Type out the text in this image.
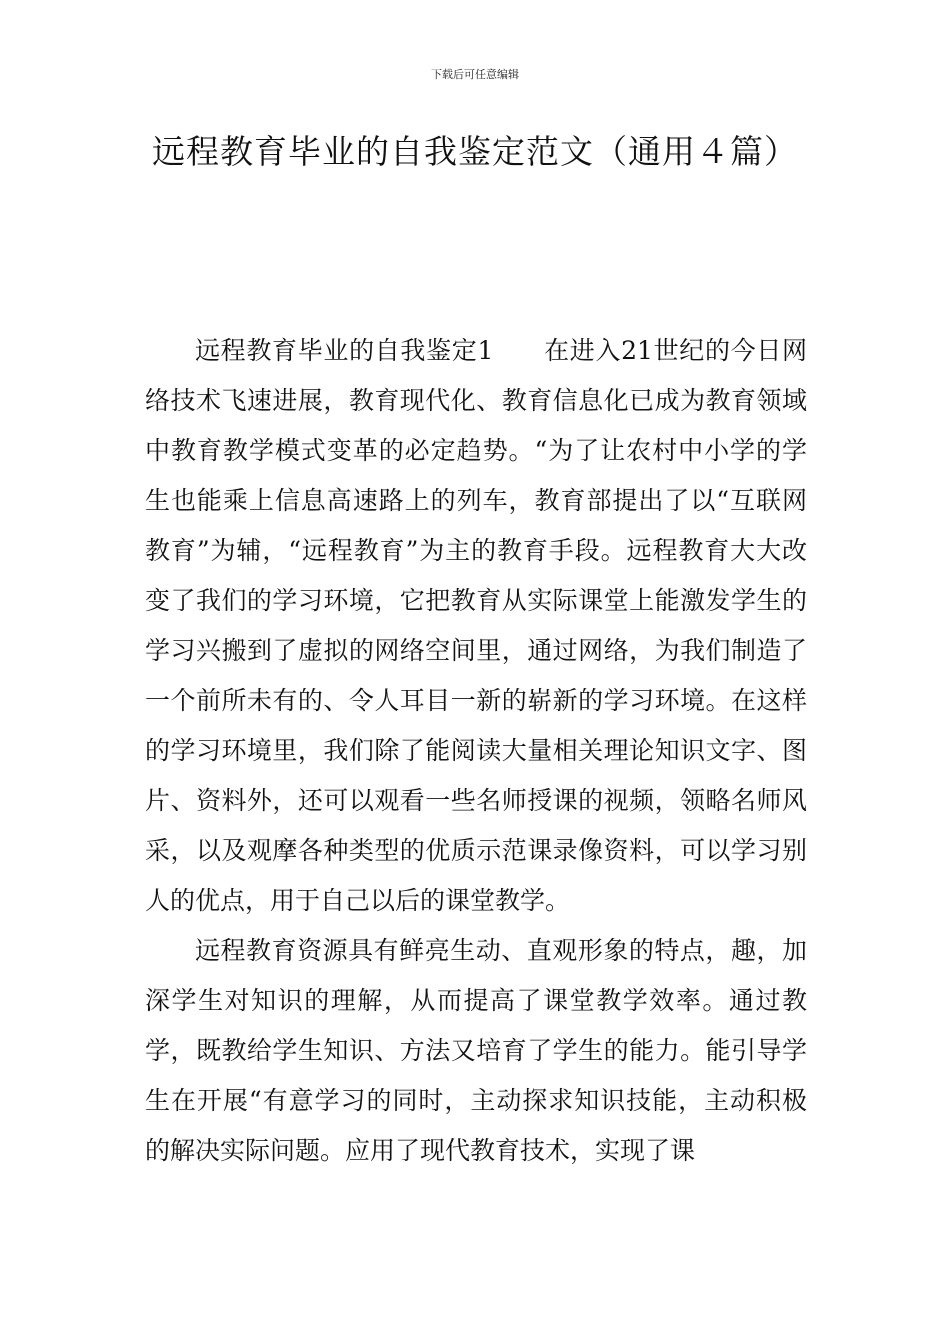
下载后可任意编辑
远程教育毕业的自我鉴定范文（通用４篇）

远程教育毕业的自我鉴定1 在进入21世纪的今日网络技术飞速进展，教育现代化、教育信息化已成为教育领域中教育教学模式变革的必定趋势。“为了让农村中小学的学生也能乘上信息高速路上的列车，教育部提出了以“互联网教育”为辅，“远程教育”为主的教育手段。远程教育大大改变了我们的学习环境，它把教育从实际课堂上能激发学生的学习兴搬到了虚拟的网络空间里，通过网络，为我们制造了一个前所未有的、令人耳目一新的崭新的学习环境。在这样的学习环境里，我们除了能阅读大量相关理论知识文字、图片、资料外，还可以观看一些名师授课的视频，领略名师风采，以及观摩各种类型的优质示范课录像资料，可以学习别人的优点，用于自己以后的课堂教学。

远程教育资源具有鲜亮生动、直观形象的特点，趣，加深学生对知识的理解，从而提高了课堂教学效率。通过教学，既教给学生知识、方法又培育了学生的能力。能引导学生在开展“有意学习的同时，主动探求知识技能，主动积极的解决实际问题。应用了现代教育技术，实现了课
